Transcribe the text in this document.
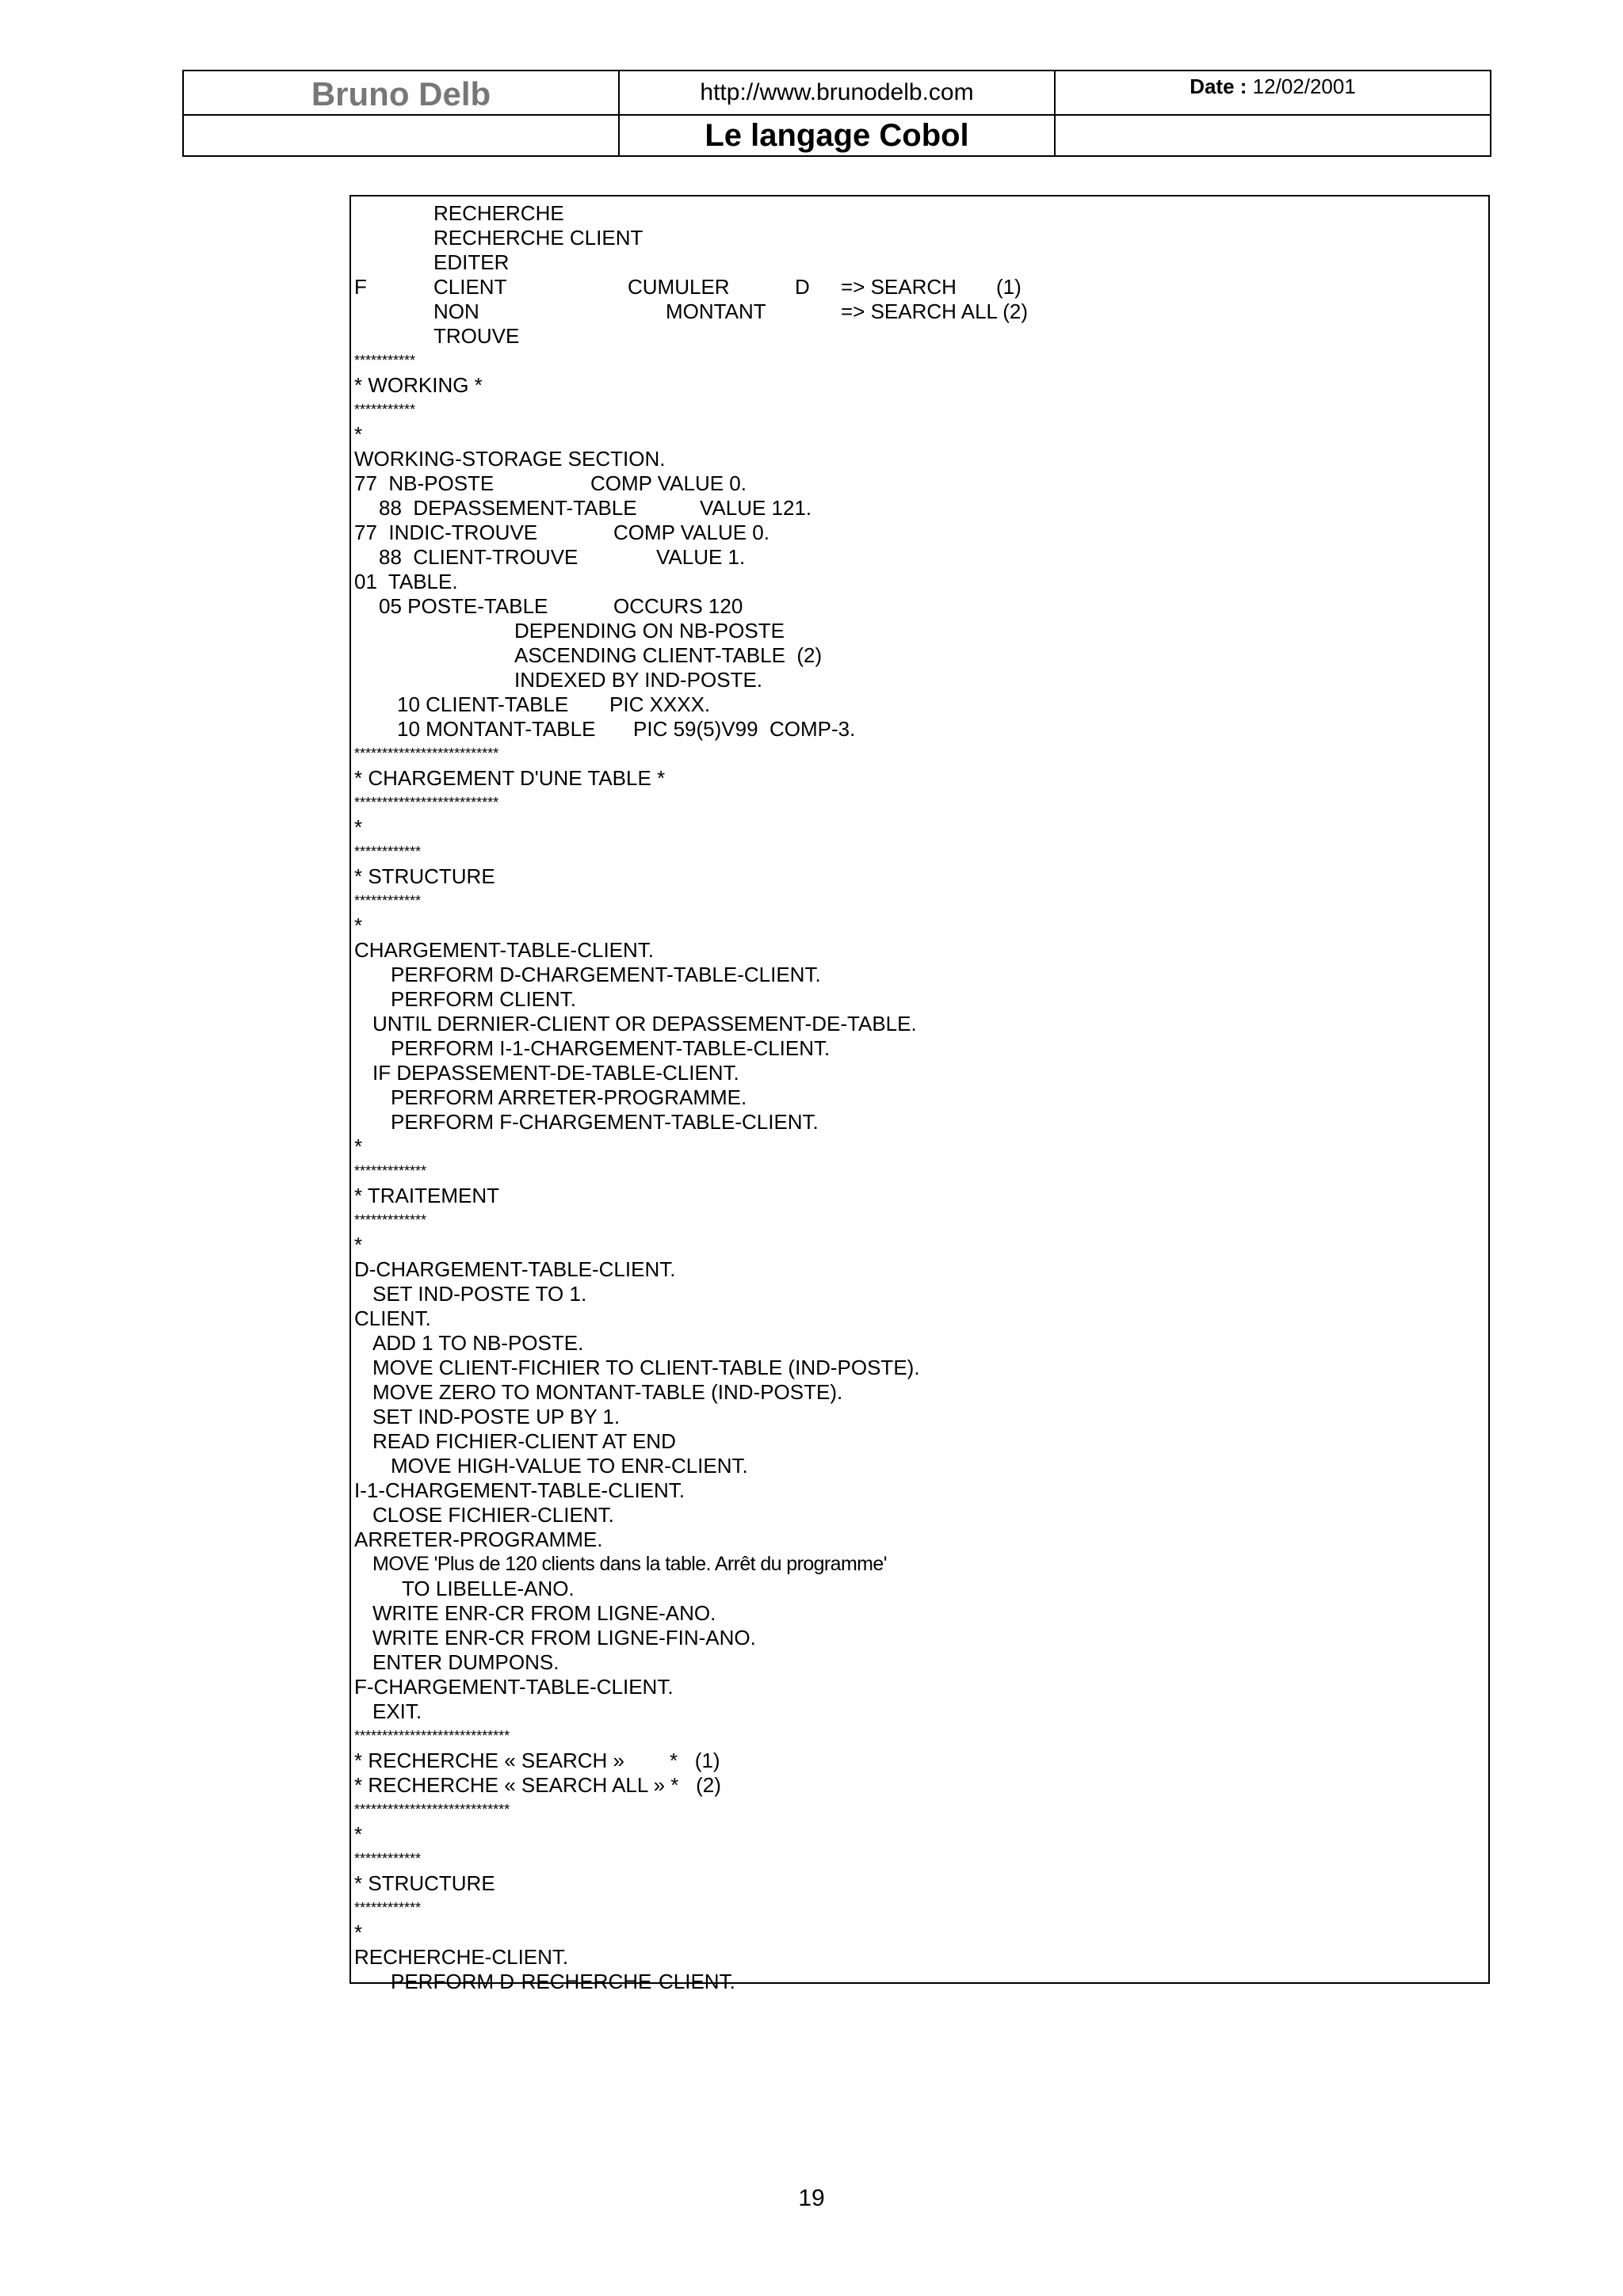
Bruno Delb	http://www.brunodelb.com	Date : 12/02/2001
	Le langage Cobol	
RECHERCHE
RECHERCHE CLIENT
EDITER
F	CLIENT	CUMULER	D => SEARCH (1)
NON	MONTANT	=> SEARCH ALL (2)
TROUVE
***********
* WORKING *
***********
*
WORKING-STORAGE SECTION.
77  NB-POSTE	COMP VALUE 0.
88  DEPASSEMENT-TABLE	VALUE 121.
77  INDIC-TROUVE	COMP VALUE 0.
88  CLIENT-TROUVE	VALUE 1.
01  TABLE.
05 POSTE-TABLE	OCCURS 120
DEPENDING ON NB-POSTE
ASCENDING CLIENT-TABLE  (2)
INDEXED BY IND-POSTE.
10 CLIENT-TABLE PIC XXXX.
10 MONTANT-TABLE PIC 59(5)V99  COMP-3.
**************************
* CHARGEMENT D'UNE TABLE *
**************************
*
************
* STRUCTURE
************
*
CHARGEMENT-TABLE-CLIENT.
PERFORM D-CHARGEMENT-TABLE-CLIENT.
PERFORM CLIENT.
UNTIL DERNIER-CLIENT OR DEPASSEMENT-DE-TABLE.
PERFORM I-1-CHARGEMENT-TABLE-CLIENT.
IF DEPASSEMENT-DE-TABLE-CLIENT.
PERFORM ARRETER-PROGRAMME.
PERFORM F-CHARGEMENT-TABLE-CLIENT.
*
*************
* TRAITEMENT
*************
*
D-CHARGEMENT-TABLE-CLIENT.
SET IND-POSTE TO 1.
CLIENT.
ADD 1 TO NB-POSTE.
MOVE CLIENT-FICHIER TO CLIENT-TABLE (IND-POSTE).
MOVE ZERO TO MONTANT-TABLE (IND-POSTE).
SET IND-POSTE UP BY 1.
READ FICHIER-CLIENT AT END
MOVE HIGH-VALUE TO ENR-CLIENT.
I-1-CHARGEMENT-TABLE-CLIENT.
CLOSE FICHIER-CLIENT.
ARRETER-PROGRAMME.
MOVE 'Plus de 120 clients dans la table. Arrêt du programme'
TO LIBELLE-ANO.
WRITE ENR-CR FROM LIGNE-ANO.
WRITE ENR-CR FROM LIGNE-FIN-ANO.
ENTER DUMPONS.
F-CHARGEMENT-TABLE-CLIENT.
EXIT.
****************************
* RECHERCHE « SEARCH » *   (1)
* RECHERCHE « SEARCH ALL » *   (2)
****************************
*
************
* STRUCTURE
************
*
RECHERCHE-CLIENT.
PERFORM D-RECHERCHE-CLIENT.
19
